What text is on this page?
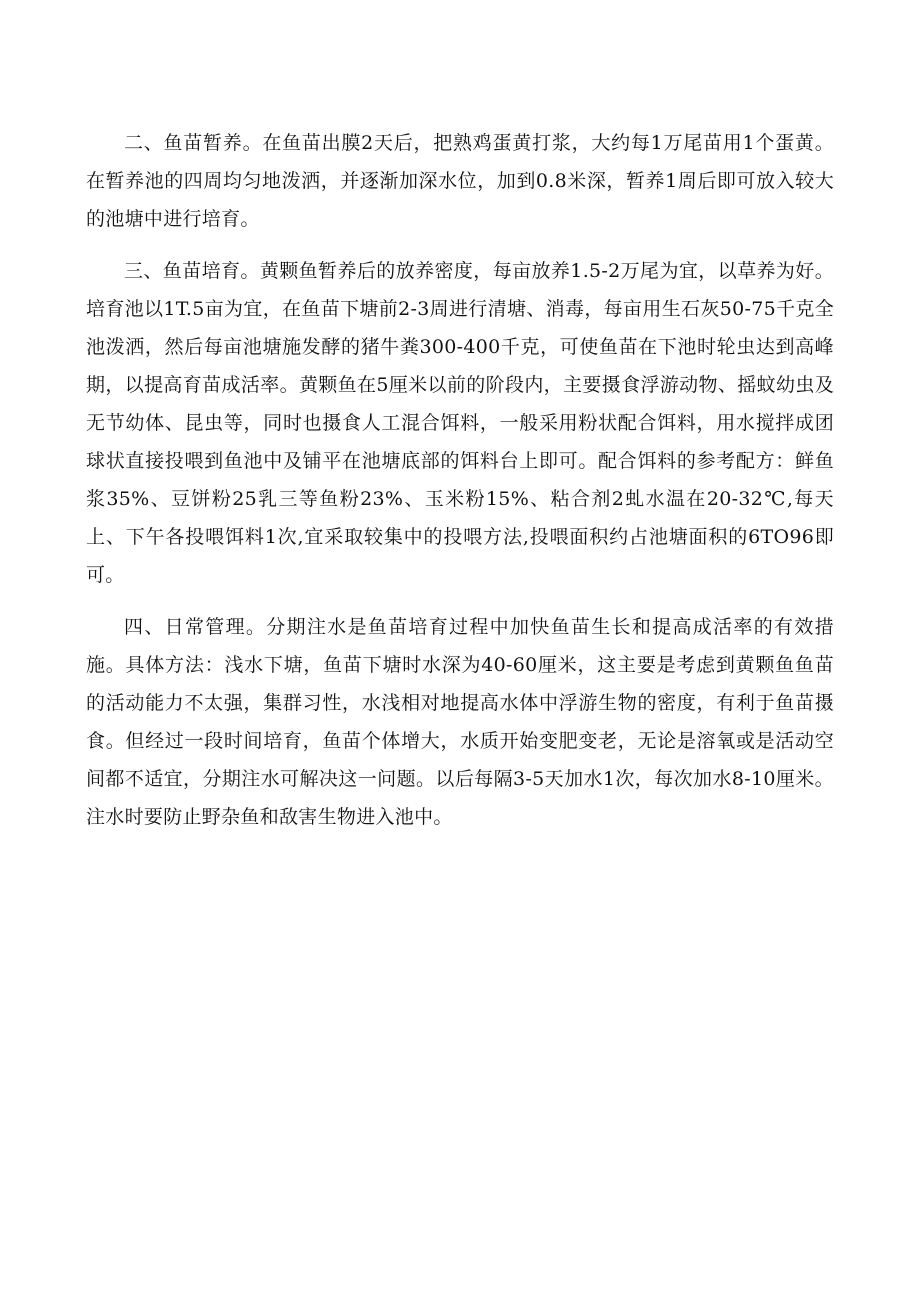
二、鱼苗暂养。在鱼苗出膜2天后，把熟鸡蛋黄打浆，大约每1万尾苗用1个蛋黄。在暂养池的四周均匀地泼洒，并逐渐加深水位，加到0.8米深，暂养1周后即可放入较大的池塘中进行培育。

三、鱼苗培育。黄颗鱼暂养后的放养密度，每亩放养1.5-2万尾为宜，以草养为好。培育池以1T.5亩为宜，在鱼苗下塘前2-3周进行清塘、消毒，每亩用生石灰50-75千克全池泼洒，然后每亩池塘施发酵的猪牛粪300-400千克，可使鱼苗在下池时轮虫达到高峰期，以提高育苗成活率。黄颗鱼在5厘米以前的阶段内，主要摄食浮游动物、摇蚊幼虫及无节幼体、昆虫等，同时也摄食人工混合饵料，一般采用粉状配合饵料，用水搅拌成团球状直接投喂到鱼池中及铺平在池塘底部的饵料台上即可。配合饵料的参考配方：鲜鱼浆35%、豆饼粉25乳三等鱼粉23%、玉米粉15%、粘合剂2虬水温在20-32℃,每天上、下午各投喂饵料1次,宜采取较集中的投喂方法,投喂面积约占池塘面积的6TO96即可。

四、日常管理。分期注水是鱼苗培育过程中加快鱼苗生长和提高成活率的有效措施。具体方法：浅水下塘，鱼苗下塘时水深为40-60厘米，这主要是考虑到黄颗鱼鱼苗的活动能力不太强，集群习性，水浅相对地提高水体中浮游生物的密度，有利于鱼苗摄食。但经过一段时间培育，鱼苗个体增大，水质开始变肥变老，无论是溶氧或是活动空间都不适宜，分期注水可解决这一问题。以后每隔3-5天加水1次，每次加水8-10厘米。注水时要防止野杂鱼和敌害生物进入池中。
